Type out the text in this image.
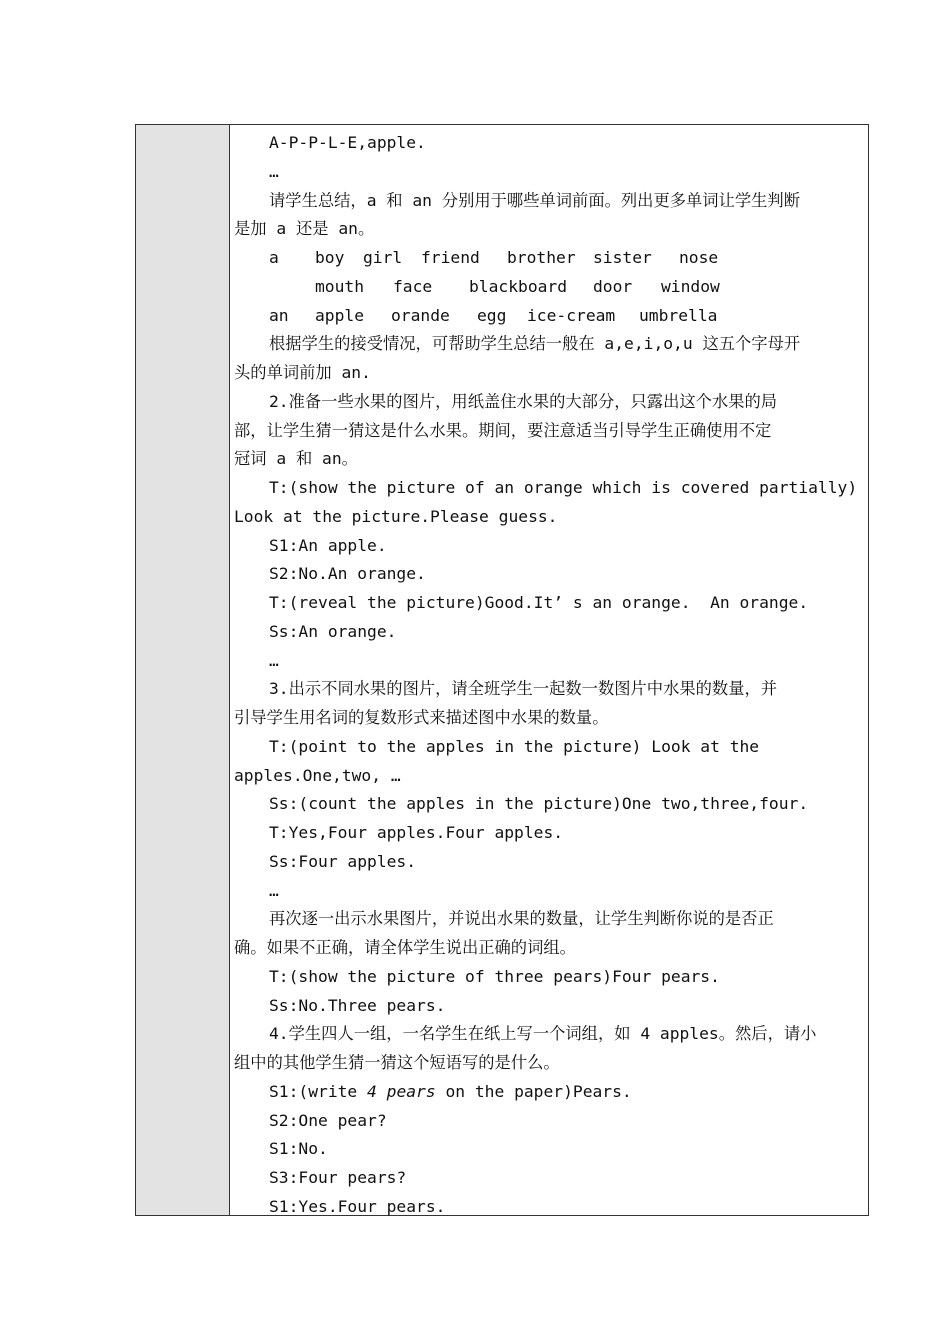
A-P-P-L-E,apple.
…
请学生总结，a 和 an 分别用于哪些单词前面。列出更多单词让学生判断
是加 a 还是 an。
a	boy	girl	friend	brother	sister	nose
mouth	face	blackboard	door	window
an	apple	orande	egg	ice-cream	umbrella
根据学生的接受情况，可帮助学生总结一般在 a,e,i,o,u 这五个字母开
头的单词前加 an.
2.准备一些水果的图片，用纸盖住水果的大部分，只露出这个水果的局
部，让学生猜一猜这是什么水果。期间，要注意适当引导学生正确使用不定
冠词 a 和 an。
T:(show the picture of an orange which is covered partially)
Look at the picture.Please guess.
S1:An apple.
S2:No.An orange.
T:(reveal the picture)Good.It’ s an orange.  An orange.
Ss:An orange.
…
3.出示不同水果的图片，请全班学生一起数一数图片中水果的数量，并
引导学生用名词的复数形式来描述图中水果的数量。
T:(point to the apples in the picture) Look at the
apples.One,two, …
Ss:(count the apples in the picture)One two,three,four.
T:Yes,Four apples.Four apples.
Ss:Four apples.
…
再次逐一出示水果图片，并说出水果的数量，让学生判断你说的是否正
确。如果不正确，请全体学生说出正确的词组。
T:(show the picture of three pears)Four pears.
Ss:No.Three pears.
4.学生四人一组，一名学生在纸上写一个词组，如 4 apples。然后，请小
组中的其他学生猜一猜这个短语写的是什么。
S1:(write 4 pears on the paper)Pears.
S2:One pear?
S1:No.
S3:Four pears?
S1:Yes.Four pears.
